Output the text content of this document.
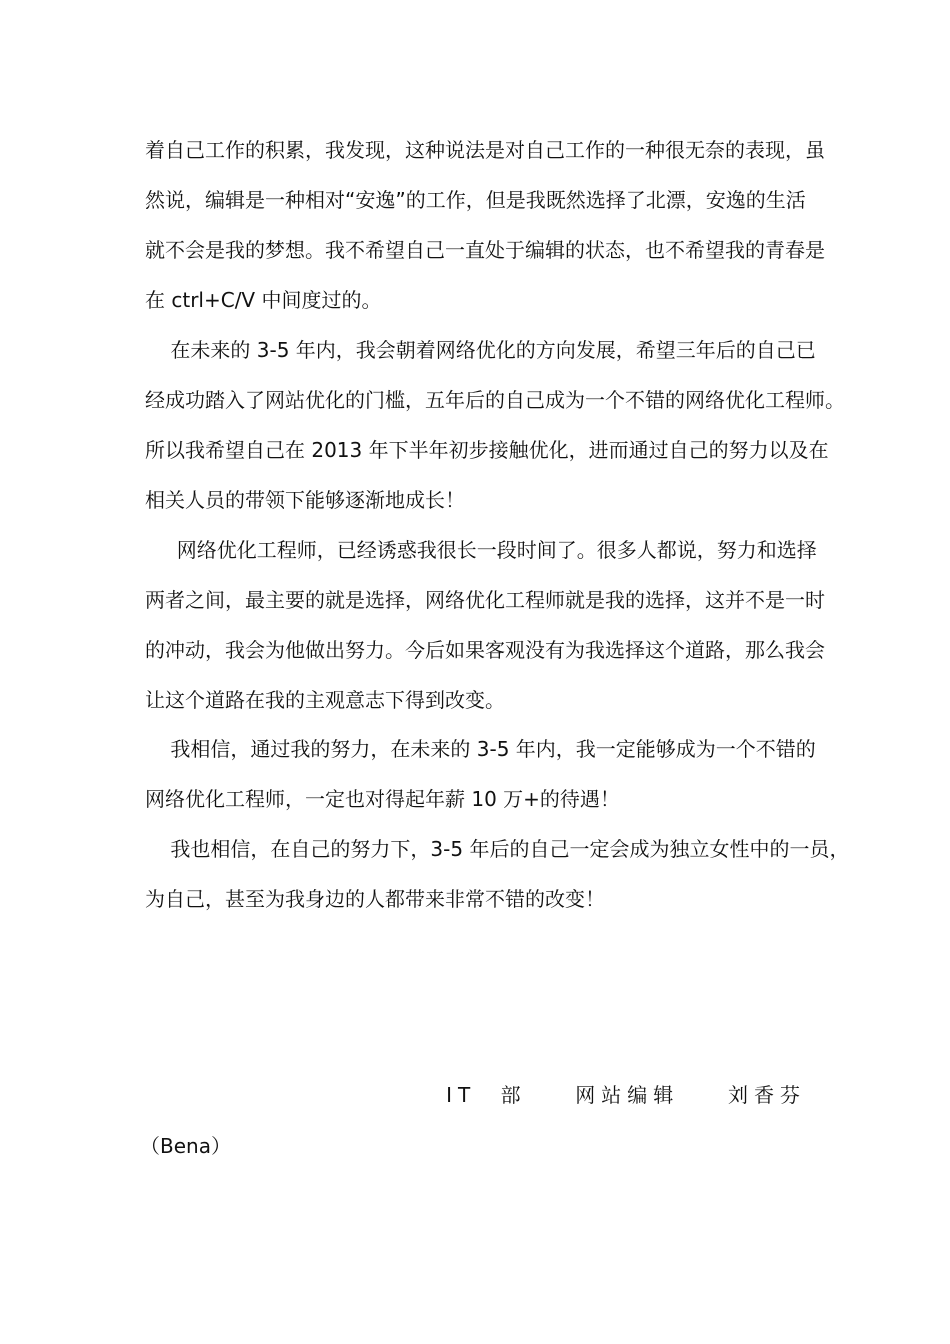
着自己工作的积累，我发现，这种说法是对自己工作的一种很无奈的表现，虽
然说，编辑是一种相对“安逸”的工作，但是我既然选择了北漂，安逸的生活
就不会是我的梦想。我不希望自己一直处于编辑的状态，也不希望我的青春是
在 ctrl+C/V 中间度过的。
在未来的 3-5 年内，我会朝着网络优化的方向发展，希望三年后的自己已
经成功踏入了网站优化的门槛，五年后的自己成为一个不错的网络优化工程师。
所以我希望自己在 2013 年下半年初步接触优化，进而通过自己的努力以及在
相关人员的带领下能够逐渐地成长！
网络优化工程师，已经诱惑我很长一段时间了。很多人都说，努力和选择
两者之间，最主要的就是选择，网络优化工程师就是我的选择，这并不是一时
的冲动，我会为他做出努力。今后如果客观没有为我选择这个道路，那么我会
让这个道路在我的主观意志下得到改变。
我相信，通过我的努力，在未来的 3-5 年内，我一定能够成为一个不错的
网络优化工程师，一定也对得起年薪 10 万+的待遇！
我也相信，在自己的努力下，3-5 年后的自己一定会成为独立女性中的一员，
为自己，甚至为我身边的人都带来非常不错的改变！
IT 部  网站编辑  刘香芬
（Bena）
